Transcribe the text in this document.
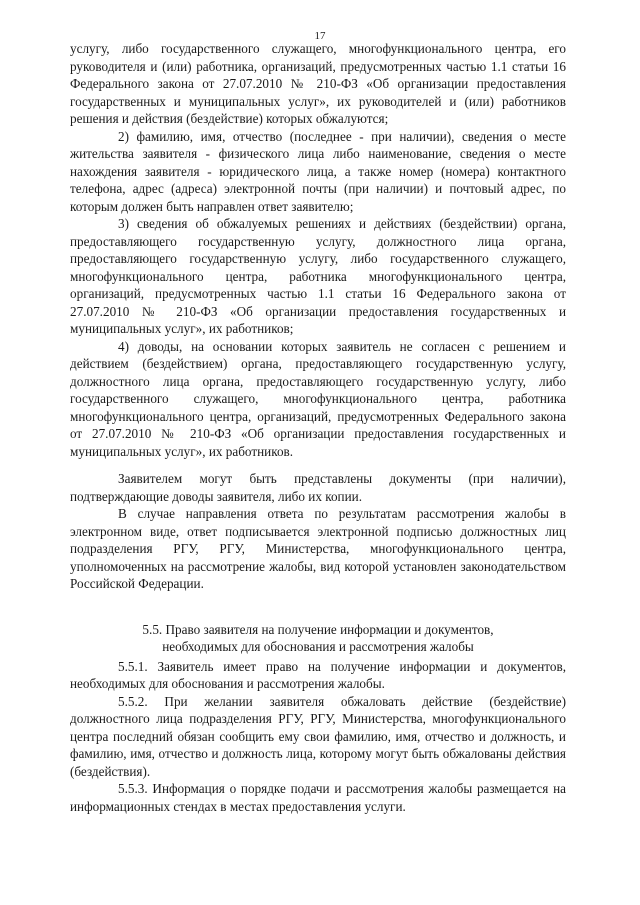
17

услугу, либо государственного служащего, многофункционального центра, его руководителя и (или) работника, организаций, предусмотренных частью 1.1 статьи 16 Федерального закона от 27.07.2010 № 210-ФЗ «Об организации предоставления государственных и муниципальных услуг», их руководителей и (или) работников решения и действия (бездействие) которых обжалуются;

2) фамилию, имя, отчество (последнее - при наличии), сведения о месте жительства заявителя - физического лица либо наименование, сведения о месте нахождения заявителя - юридического лица, а также номер (номера) контактного телефона, адрес (адреса) электронной почты (при наличии) и почтовый адрес, по которым должен быть направлен ответ заявителю;

3) сведения об обжалуемых решениях и действиях (бездействии) органа, предоставляющего государственную услугу, должностного лица органа, предоставляющего государственную услугу, либо государственного служащего, многофункционального центра, работника многофункционального центра, организаций, предусмотренных частью 1.1 статьи 16 Федерального закона от 27.07.2010 № 210-ФЗ «Об организации предоставления государственных и муниципальных услуг», их работников;

4) доводы, на основании которых заявитель не согласен с решением и действием (бездействием) органа, предоставляющего государственную услугу, должностного лица органа, предоставляющего государственную услугу, либо государственного служащего, многофункционального центра, работника многофункционального центра, организаций, предусмотренных Федерального закона от 27.07.2010 № 210-ФЗ «Об организации предоставления государственных и муниципальных услуг», их работников.

Заявителем могут быть представлены документы (при наличии), подтверждающие доводы заявителя, либо их копии.

В случае направления ответа по результатам рассмотрения жалобы в электронном виде, ответ подписывается электронной подписью должностных лиц подразделения РГУ, РГУ, Министерства, многофункционального центра, уполномоченных на рассмотрение жалобы, вид которой установлен законодательством Российской Федерации.

5.5. Право заявителя на получение информации и документов,
необходимых для обоснования и рассмотрения жалобы

5.5.1. Заявитель имеет право на получение информации и документов, необходимых для обоснования и рассмотрения жалобы.

5.5.2. При желании заявителя обжаловать действие (бездействие) должностного лица подразделения РГУ, РГУ, Министерства, многофункционального центра последний обязан сообщить ему свои фамилию, имя, отчество и должность, и фамилию, имя, отчество и должность лица, которому могут быть обжалованы действия (бездействия).

5.5.3. Информация о порядке подачи и рассмотрения жалобы размещается на информационных стендах в местах предоставления услуги.
